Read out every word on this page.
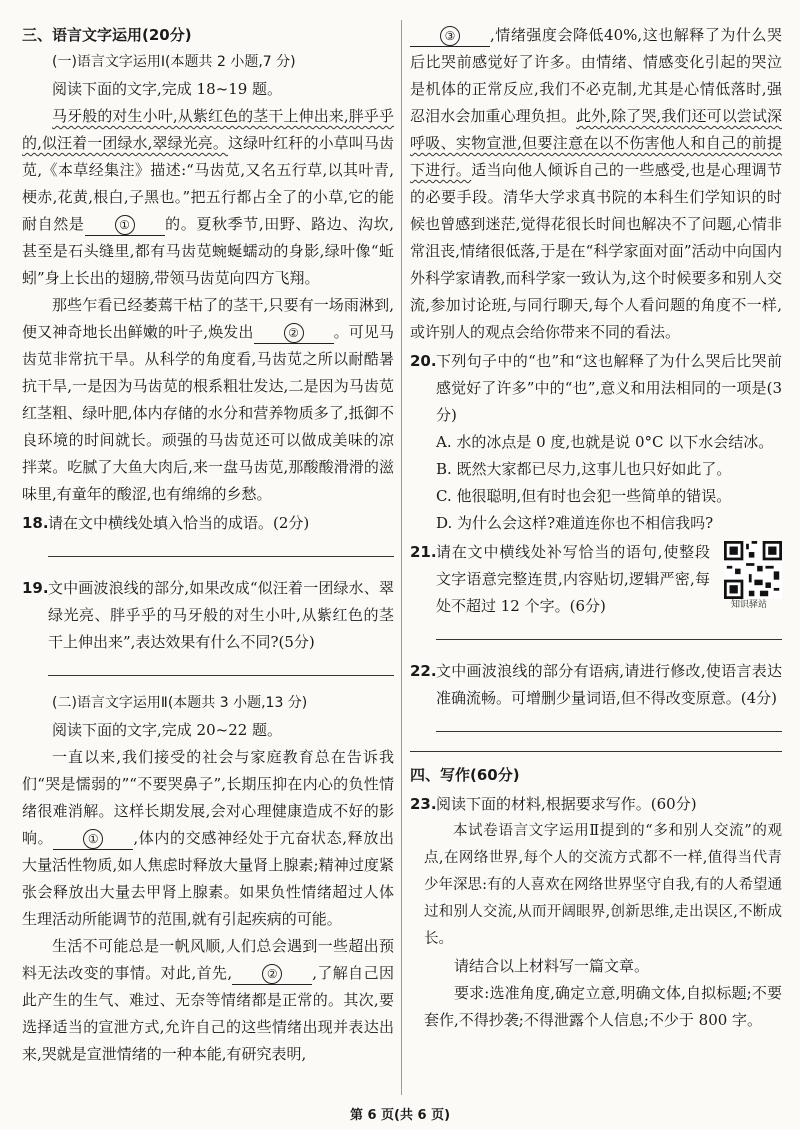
三、语言文字运用(20分)
(一)语言文字运用Ⅰ(本题共 2 小题,7 分)

阅读下面的文字,完成 18~19 题。

马牙般的对生小叶,从紫红色的茎干上伸出来,胖乎乎的,似汪着一团绿水,翠绿光亮。这绿叶红秆的小草叫马齿苋,《本草经集注》描述:“马齿苋,又名五行草,以其叶青,梗赤,花黄,根白,子黑也。”把五行都占全了的小草,它的能耐自然是	① 的。夏秋季节,田野、路边、沟坎,甚至是石头缝里,都有马齿苋蜿蜒蠕动的身影,绿叶像“蚯蚓”身上长出的翅膀,带领马齿苋向四方飞翔。

那些乍看已经萎蔫干枯了的茎干,只要有一场雨淋到,便又神奇地长出鲜嫩的叶子,焕发出	② 。可见马齿苋非常抗干旱。从科学的角度看,马齿苋之所以耐酷暑抗干旱,一是因为马齿苋的根系粗壮发达,二是因为马齿苋红茎粗、绿叶肥,体内存储的水分和营养物质多了,抵御不良环境的时间就长。顽强的马齿苋还可以做成美味的凉拌菜。吃腻了大鱼大肉后,来一盘马齿苋,那酸酸滑滑的滋味里,有童年的酸涩,也有绵绵的乡愁。

18. 请在文中横线处填入恰当的成语。(2分)
19. 文中画波浪线的部分,如果改成“似汪着一团绿水、翠绿光亮、胖乎乎的马牙般的对生小叶,从紫红色的茎干上伸出来”,表达效果有什么不同?(5分)
(二)语言文字运用Ⅱ(本题共 3 小题,13 分)

阅读下面的文字,完成 20~22 题。

一直以来,我们接受的社会与家庭教育总在告诉我们“哭是懦弱的”“不要哭鼻子”,长期压抑在内心的负性情绪很难消解。这样长期发展,会对心理健康造成不好的影响。	① ,体内的交感神经处于亢奋状态,释放出大量活性物质,如人焦虑时释放大量肾上腺素;精神过度紧张会释放出大量去甲肾上腺素。如果负性情绪超过人体生理活动所能调节的范围,就有引起疾病的可能。

生活不可能总是一帆风顺,人们总会遇到一些超出预料无法改变的事情。对此,首先,	② ,了解自己因此产生的生气、难过、无奈等情绪都是正常的。其次,要选择适当的宣泄方式,允许自己的这些情绪出现并表达出来,哭就是宣泄情绪的一种本能,有研究表明,

③ ,情绪强度会降低40%,这也解释了为什么哭后比哭前感觉好了许多。由情绪、情感变化引起的哭泣是机体的正常反应,我们不必克制,尤其是心情低落时,强忍泪水会加重心理负担。此外,除了哭,我们还可以尝试深呼吸、实物宣泄,但要注意在以不伤害他人和自己的前提下进行。适当向他人倾诉自己的一些感受,也是心理调节的必要手段。清华大学求真书院的本科生们学知识的时候也曾感到迷茫,觉得花很长时间也解决不了问题,心情非常沮丧,情绪很低落,于是在“科学家面对面”活动中向国内外科学家请教,而科学家一致认为,这个时候要多和别人交流,参加讨论班,与同行聊天,每个人看问题的角度不一样,或许别人的观点会给你带来不同的看法。

20. 下列句子中的“也”和“这也解释了为什么哭后比哭前感觉好了许多”中的“也”,意义和用法相同的一项是(3分)
A. 水的冰点是 0 度,也就是说 0°C 以下水会结冰。
B. 既然大家都已尽力,这事儿也只好如此了。
C. 他很聪明,但有时也会犯一些简单的错误。
D. 为什么会这样?难道连你也不相信我吗?
21.
知识驿站
请在文中横线处补写恰当的语句,使整段文字语意完整连贯,内容贴切,逻辑严密,每处不超过 12 个字。(6分)
22. 文中画波浪线的部分有语病,请进行修改,使语言表达准确流畅。可增删少量词语,但不得改变原意。(4分)
四、写作(60分)
23. 阅读下面的材料,根据要求写作。(60分)

本试卷语言文字运用Ⅱ提到的“多和别人交流”的观点,在网络世界,每个人的交流方式都不一样,值得当代青少年深思:有的人喜欢在网络世界坚守自我,有的人希望通过和别人交流,从而开阔眼界,创新思维,走出误区,不断成长。

请结合以上材料写一篇文章。

要求:选准角度,确定立意,明确文体,自拟标题;不要套作,不得抄袭;不得泄露个人信息;不少于 800 字。

第 6 页(共 6 页)
